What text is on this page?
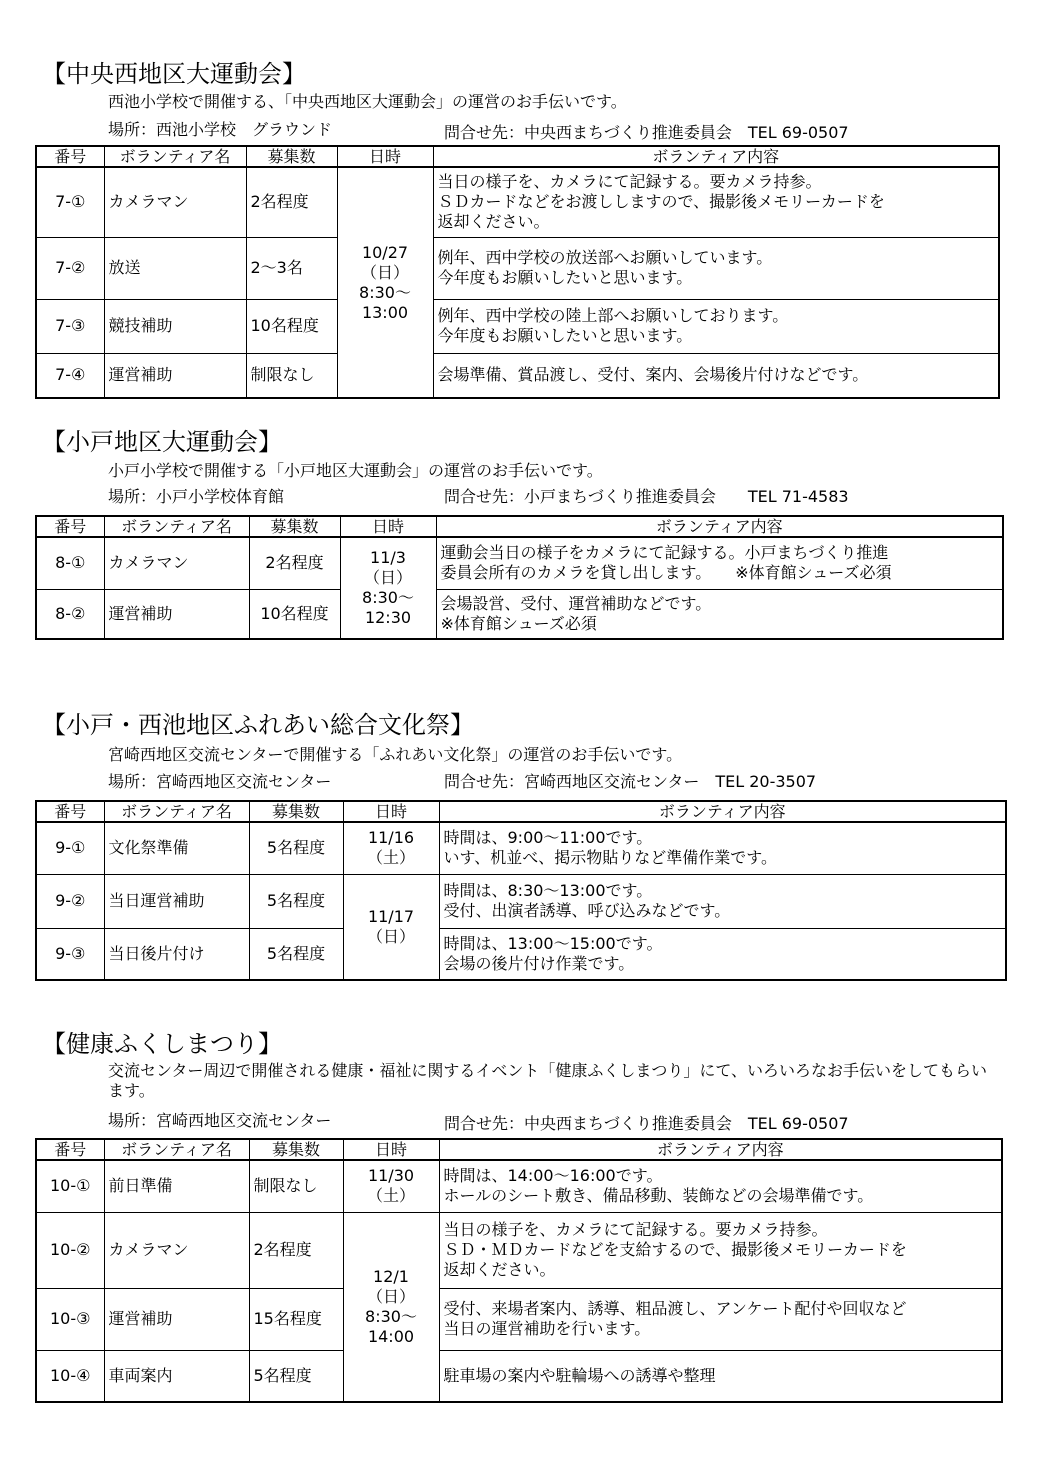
【中央西地区大運動会】
西池小学校で開催する、「中央西地区大運動会」の運営のお手伝いです。
場所：西池小学校　グラウンド	問合せ先：中央西まちづくり推進委員会　TEL 69-0507
番号	ボランティア名	募集数	日時	ボランティア内容
7-①	カメラマン	2名程度	10/27
（日）
8:30〜
13:00	当日の様子を、カメラにて記録する。要カメラ持参。
ＳＤカードなどをお渡ししますので、撮影後メモリーカードを
返却ください。
7-②	放送	2〜3名		例年、西中学校の放送部へお願いしています。
今年度もお願いしたいと思います。
7-③	競技補助	10名程度		例年、西中学校の陸上部へお願いしております。
今年度もお願いしたいと思います。
7-④	運営補助	制限なし		会場準備、賞品渡し、受付、案内、会場後片付けなどです。
【小戸地区大運動会】
小戸小学校で開催する「小戸地区大運動会」の運営のお手伝いです。
場所：小戸小学校体育館	問合せ先：小戸まちづくり推進委員会　　TEL 71-4583
番号	ボランティア名	募集数	日時	ボランティア内容
8-①	カメラマン	2名程度	11/3
（日）
8:30〜
12:30	運動会当日の様子をカメラにて記録する。小戸まちづくり推進
委員会所有のカメラを貸し出します。　　※体育館シューズ必須
8-②	運営補助	10名程度		会場設営、受付、運営補助などです。
※体育館シューズ必須
【小戸・西池地区ふれあい総合文化祭】
宮崎西地区交流センターで開催する「ふれあい文化祭」の運営のお手伝いです。
場所：宮崎西地区交流センター	問合せ先：宮崎西地区交流センター　TEL 20-3507
番号	ボランティア名	募集数	日時	ボランティア内容
9-①	文化祭準備	5名程度	11/16
（土）	時間は、9:00〜11:00です。
いす、机並べ、掲示物貼りなど準備作業です。
9-②	当日運営補助	5名程度	11/17
（日）	時間は、8:30〜13:00です。
受付、出演者誘導、呼び込みなどです。
9-③	当日後片付け	5名程度		時間は、13:00〜15:00です。
会場の後片付け作業です。
【健康ふくしまつり】
交流センター周辺で開催される健康・福祉に関するイベント「健康ふくしまつり」にて、いろいろなお手伝いをしてもらいます。
場所：宮崎西地区交流センター	問合せ先：中央西まちづくり推進委員会　TEL 69-0507
番号	ボランティア名	募集数	日時	ボランティア内容
10-①	前日準備	制限なし	11/30
（土）	時間は、14:00〜16:00です。
ホールのシート敷き、備品移動、装飾などの会場準備です。
10-②	カメラマン	2名程度	12/1
（日）
8:30〜
14:00	当日の様子を、カメラにて記録する。要カメラ持参。
ＳＤ・ＭＤカードなどを支給するので、撮影後メモリーカードを
返却ください。
10-③	運営補助	15名程度		受付、来場者案内、誘導、粗品渡し、アンケート配付や回収など
当日の運営補助を行います。
10-④	車両案内	5名程度		駐車場の案内や駐輪場への誘導や整理
